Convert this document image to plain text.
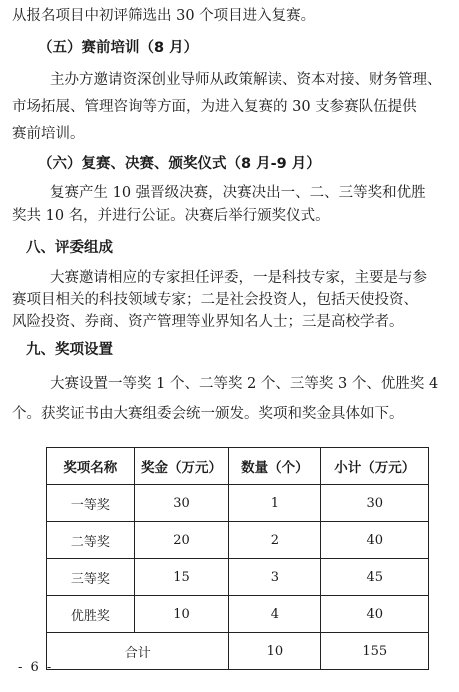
从报名项目中初评筛选出 30 个项目进入复赛。
（五）赛前培训（8 月）
主办方邀请资深创业导师从政策解读、资本对接、财务管理、
市场拓展、管理咨询等方面，为进入复赛的 30 支参赛队伍提供
赛前培训。
（六）复赛、决赛、颁奖仪式（8 月-9 月）
复赛产生 10 强晋级决赛，决赛决出一、二、三等奖和优胜
奖共 10 名，并进行公证。决赛后举行颁奖仪式。
八、评委组成
大赛邀请相应的专家担任评委，一是科技专家，主要是与参
赛项目相关的科技领域专家；二是社会投资人，包括天使投资、
风险投资、券商、资产管理等业界知名人士；三是高校学者。
九、奖项设置
奖项名称	奖金（万元）	数量（个）	小计（万元）
一等奖	30	1	30
二等奖	20	2	40
三等奖	15	3	45
优胜奖	10	4	40
合计		10	155
- 6 -
大赛设置一等奖 1 个、二等奖 2 个、三等奖 3 个、优胜奖 4
个。获奖证书由大赛组委会统一颁发。奖项和奖金具体如下。
